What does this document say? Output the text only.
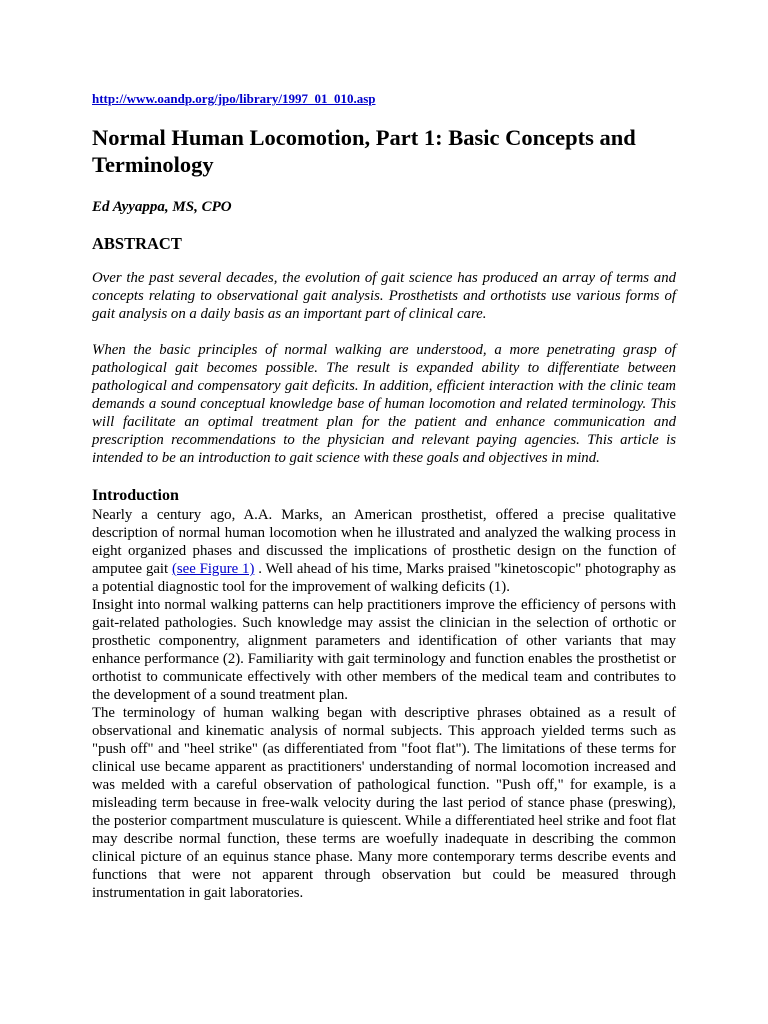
http://www.oandp.org/jpo/library/1997_01_010.asp
Normal Human Locomotion, Part 1: Basic Concepts and Terminology

Ed Ayyappa, MS, CPO

ABSTRACT

Over the past several decades, the evolution of gait science has produced an array of terms and concepts relating to observational gait analysis. Prosthetists and orthotists use various forms of gait analysis on a daily basis as an important part of clinical care.

When the basic principles of normal walking are understood, a more penetrating grasp of pathological gait becomes possible. The result is expanded ability to differentiate between pathological and compensatory gait deficits. In addition, efficient interaction with the clinic team demands a sound conceptual knowledge base of human locomotion and related terminology. This will facilitate an optimal treatment plan for the patient and enhance communication and prescription recommendations to the physician and relevant paying agencies. This article is intended to be an introduction to gait science with these goals and objectives in mind.

Introduction

Nearly a century ago, A.A. Marks, an American prosthetist, offered a precise qualitative description of normal human locomotion when he illustrated and analyzed the walking process in eight organized phases and discussed the implications of prosthetic design on the function of amputee gait (see Figure 1) . Well ahead of his time, Marks praised "kinetoscopic" photography as a potential diagnostic tool for the improvement of walking deficits (1).

Insight into normal walking patterns can help practitioners improve the efficiency of persons with gait-related pathologies. Such knowledge may assist the clinician in the selection of orthotic or prosthetic componentry, alignment parameters and identification of other variants that may enhance performance (2). Familiarity with gait terminology and function enables the prosthetist or orthotist to communicate effectively with other members of the medical team and contributes to the development of a sound treatment plan.

The terminology of human walking began with descriptive phrases obtained as a result of observational and kinematic analysis of normal subjects. This approach yielded terms such as "push off" and "heel strike" (as differentiated from "foot flat"). The limitations of these terms for clinical use became apparent as practitioners' understanding of normal locomotion increased and was melded with a careful observation of pathological function. "Push off," for example, is a misleading term because in free-walk velocity during the last period of stance phase (preswing), the posterior compartment musculature is quiescent. While a differentiated heel strike and foot flat may describe normal function, these terms are woefully inadequate in describing the common clinical picture of an equinus stance phase. Many more contemporary terms describe events and functions that were not apparent through observation but could be measured through instrumentation in gait laboratories.
